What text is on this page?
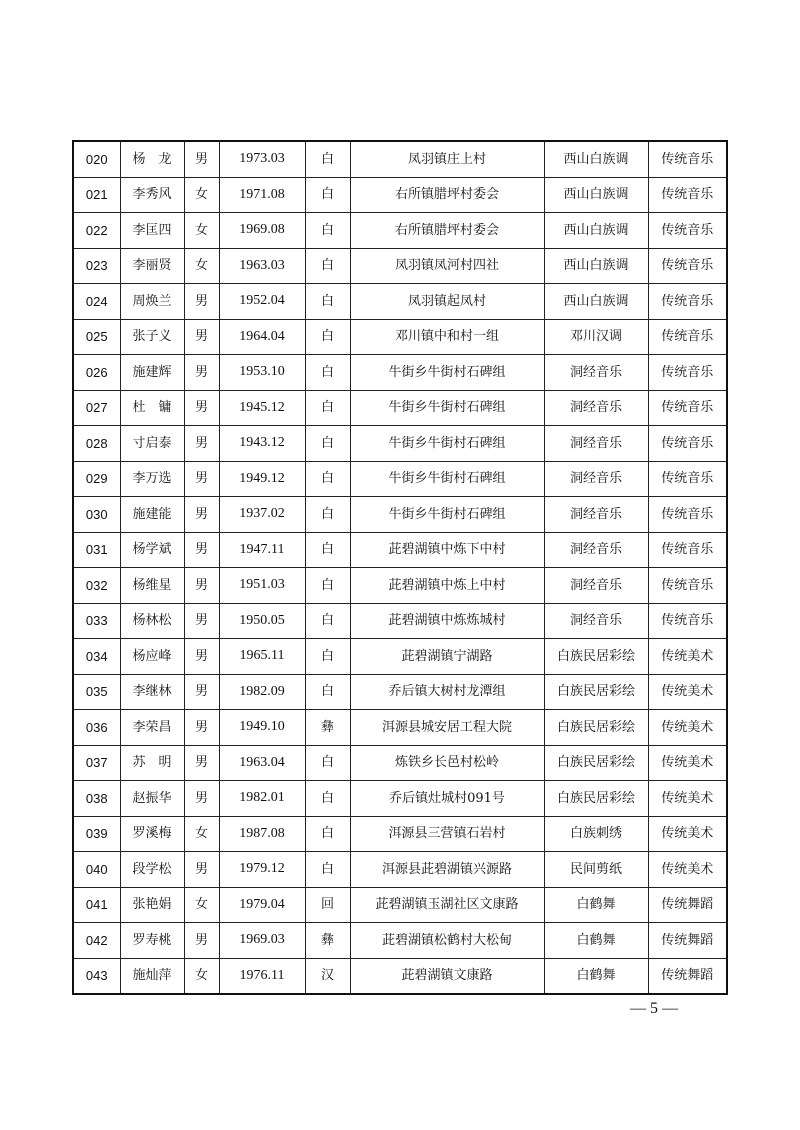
020	杨　龙	男	1973.03	白	凤羽镇庄上村	西山白族调	传统音乐
021	李秀风	女	1971.08	白	右所镇腊坪村委会	西山白族调	传统音乐
022	李匡四	女	1969.08	白	右所镇腊坪村委会	西山白族调	传统音乐
023	李丽贤	女	1963.03	白	凤羽镇凤河村四社	西山白族调	传统音乐
024	周焕兰	男	1952.04	白	凤羽镇起凤村	西山白族调	传统音乐
025	张子义	男	1964.04	白	邓川镇中和村一组	邓川汉调	传统音乐
026	施建辉	男	1953.10	白	牛街乡牛街村石碑组	洞经音乐	传统音乐
027	杜　镛	男	1945.12	白	牛街乡牛街村石碑组	洞经音乐	传统音乐
028	寸启泰	男	1943.12	白	牛街乡牛街村石碑组	洞经音乐	传统音乐
029	李万选	男	1949.12	白	牛街乡牛街村石碑组	洞经音乐	传统音乐
030	施建能	男	1937.02	白	牛街乡牛街村石碑组	洞经音乐	传统音乐
031	杨学斌	男	1947.11	白	茈碧湖镇中炼下中村	洞经音乐	传统音乐
032	杨维星	男	1951.03	白	茈碧湖镇中炼上中村	洞经音乐	传统音乐
033	杨林松	男	1950.05	白	茈碧湖镇中炼炼城村	洞经音乐	传统音乐
034	杨应峰	男	1965.11	白	茈碧湖镇宁湖路	白族民居彩绘	传统美术
035	李继林	男	1982.09	白	乔后镇大树村龙潭组	白族民居彩绘	传统美术
036	李荣昌	男	1949.10	彝	洱源县城安居工程大院	白族民居彩绘	传统美术
037	苏　明	男	1963.04	白	炼铁乡长邑村松岭	白族民居彩绘	传统美术
038	赵振华	男	1982.01	白	乔后镇灶城村091号	白族民居彩绘	传统美术
039	罗溪梅	女	1987.08	白	洱源县三营镇石岩村	白族刺绣	传统美术
040	段学松	男	1979.12	白	洱源县茈碧湖镇兴源路	民间剪纸	传统美术
041	张艳娟	女	1979.04	回	茈碧湖镇玉湖社区文康路	白鹤舞	传统舞蹈
042	罗寿桃	男	1969.03	彝	茈碧湖镇松鹤村大松甸	白鹤舞	传统舞蹈
043	施灿萍	女	1976.11	汉	茈碧湖镇文康路	白鹤舞	传统舞蹈
— 5 —
